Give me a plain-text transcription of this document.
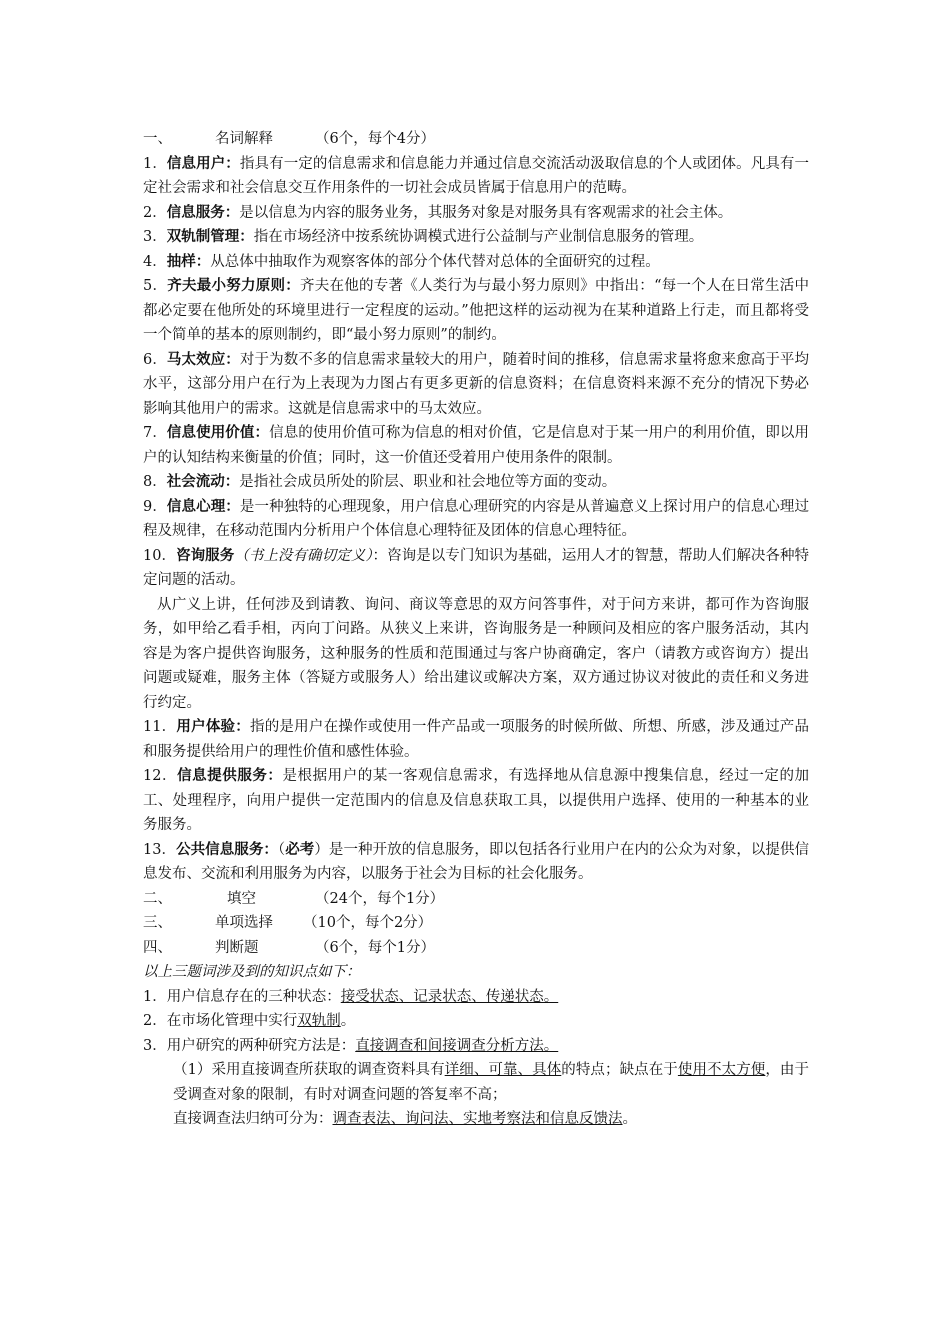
一、	名词解释	（6个，每个4分）

1．信息用户：指具有一定的信息需求和信息能力并通过信息交流活动汲取信息的个人或团体。凡具有一定社会需求和社会信息交互作用条件的一切社会成员皆属于信息用户的范畴。

2．信息服务：是以信息为内容的服务业务，其服务对象是对服务具有客观需求的社会主体。

3．双轨制管理：指在市场经济中按系统协调模式进行公益制与产业制信息服务的管理。

4．抽样：从总体中抽取作为观察客体的部分个体代替对总体的全面研究的过程。

5．齐夫最小努力原则：齐夫在他的专著《人类行为与最小努力原则》中指出：“每一个人在日常生活中都必定要在他所处的环境里进行一定程度的运动。”他把这样的运动视为在某种道路上行走，而且都将受一个简单的基本的原则制约，即“最小努力原则”的制约。

6．马太效应：对于为数不多的信息需求量较大的用户，随着时间的推移，信息需求量将愈来愈高于平均水平，这部分用户在行为上表现为力图占有更多更新的信息资料；在信息资料来源不充分的情况下势必影响其他用户的需求。这就是信息需求中的马太效应。

7．信息使用价值：信息的使用价值可称为信息的相对价值，它是信息对于某一用户的利用价值，即以用户的认知结构来衡量的价值；同时，这一价值还受着用户使用条件的限制。

8．社会流动：是指社会成员所处的阶层、职业和社会地位等方面的变动。

9．信息心理：是一种独特的心理现象，用户信息心理研究的内容是从普遍意义上探讨用户的信息心理过程及规律，在移动范围内分析用户个体信息心理特征及团体的信息心理特征。

10．咨询服务（书上没有确切定义）：咨询是以专门知识为基础，运用人才的智慧，帮助人们解决各种特定问题的活动。

从广义上讲，任何涉及到请教、询问、商议等意思的双方问答事件，对于问方来讲，都可作为咨询服务，如甲给乙看手相，丙向丁问路。从狭义上来讲，咨询服务是一种顾问及相应的客户服务活动，其内容是为客户提供咨询服务，这种服务的性质和范围通过与客户协商确定，客户（请教方或咨询方）提出问题或疑难，服务主体（答疑方或服务人）给出建议或解决方案，双方通过协议对彼此的责任和义务进行约定。

11．用户体验：指的是用户在操作或使用一件产品或一项服务的时候所做、所想、所感，涉及通过产品和服务提供给用户的理性价值和感性体验。

12．信息提供服务：是根据用户的某一客观信息需求，有选择地从信息源中搜集信息，经过一定的加工、处理程序，向用户提供一定范围内的信息及信息获取工具，以提供用户选择、使用的一种基本的业务服务。

13．公共信息服务：（必考）是一种开放的信息服务，即以包括各行业用户在内的公众为对象，以提供信息发布、交流和利用服务为内容，以服务于社会为目标的社会化服务。

二、	填空	（24个，每个1分）
三、	单项选择	（10个，每个2分）
四、	判断题	（6个，每个1分）

以上三题词涉及到的知识点如下：

1．用户信息存在的三种状态：接受状态、记录状态、传递状态。

2．在市场化管理中实行双轨制。

3．用户研究的两种研究方法是：直接调查和间接调查分析方法。

（1）采用直接调查所获取的调查资料具有详细、可靠、具体的特点；缺点在于使用不太方便，由于受调查对象的限制，有时对调查问题的答复率不高；

直接调查法归纳可分为：调查表法、询问法、实地考察法和信息反馈法。
